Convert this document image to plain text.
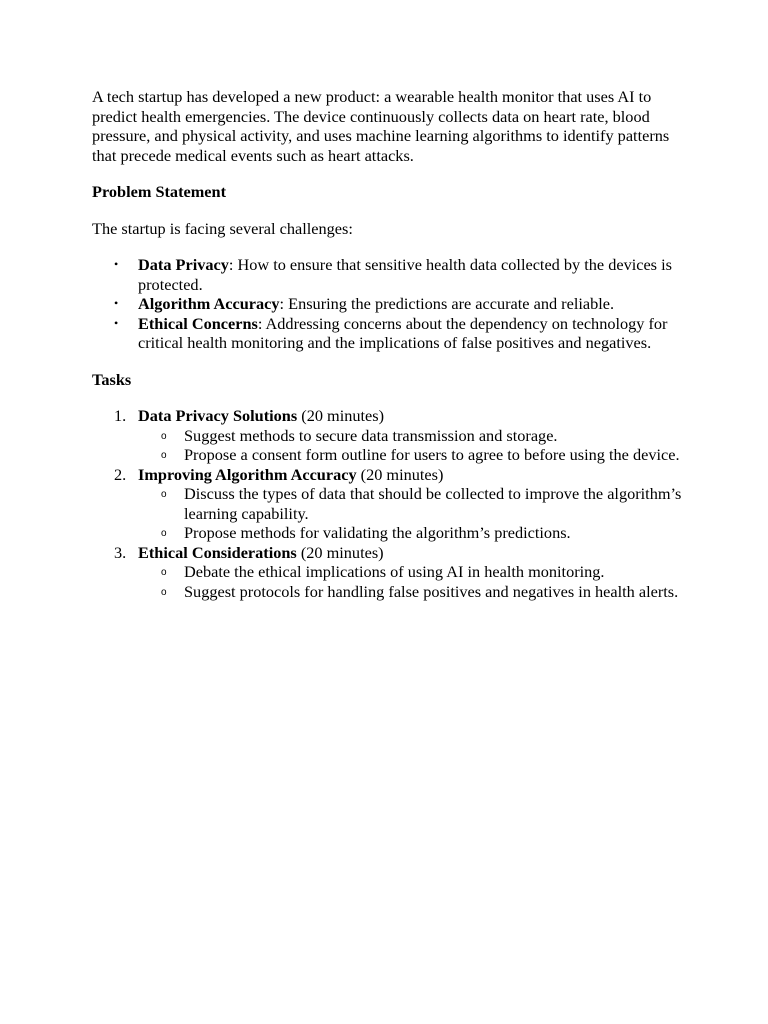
A tech startup has developed a new product: a wearable health monitor that uses AI to predict health emergencies. The device continuously collects data on heart rate, blood pressure, and physical activity, and uses machine learning algorithms to identify patterns that precede medical events such as heart attacks.

Problem Statement

The startup is facing several challenges:

• Data Privacy: How to ensure that sensitive health data collected by the devices is protected.
• Algorithm Accuracy: Ensuring the predictions are accurate and reliable.
• Ethical Concerns: Addressing concerns about the dependency on technology for critical health monitoring and the implications of false positives and negatives.

Tasks

1. Data Privacy Solutions (20 minutes)
o Suggest methods to secure data transmission and storage.
o Propose a consent form outline for users to agree to before using the device.
2. Improving Algorithm Accuracy (20 minutes)
o Discuss the types of data that should be collected to improve the algorithm’s learning capability.
o Propose methods for validating the algorithm’s predictions.
3. Ethical Considerations (20 minutes)
o Debate the ethical implications of using AI in health monitoring.
o Suggest protocols for handling false positives and negatives in health alerts.
